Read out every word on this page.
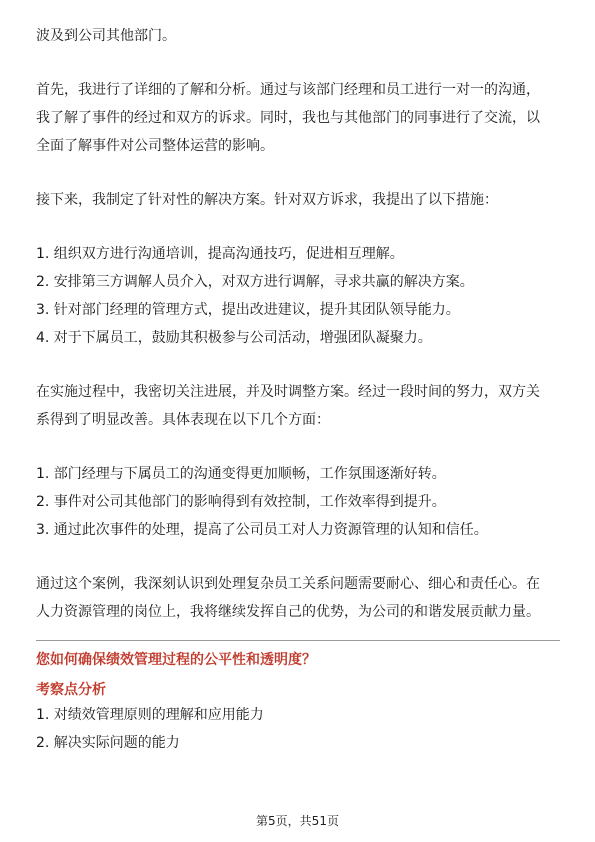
波及到公司其他部门。

首先，我进行了详细的了解和分析。通过与该部门经理和员工进行一对一的沟通，

我了解了事件的经过和双方的诉求。同时，我也与其他部门的同事进行了交流，以

全面了解事件对公司整体运营的影响。

接下来，我制定了针对性的解决方案。针对双方诉求，我提出了以下措施：

1. 组织双方进行沟通培训，提高沟通技巧，促进相互理解。

2. 安排第三方调解人员介入，对双方进行调解，寻求共赢的解决方案。

3. 针对部门经理的管理方式，提出改进建议，提升其团队领导能力。

4. 对于下属员工，鼓励其积极参与公司活动，增强团队凝聚力。

在实施过程中，我密切关注进展，并及时调整方案。经过一段时间的努力，双方关

系得到了明显改善。具体表现在以下几个方面：

1. 部门经理与下属员工的沟通变得更加顺畅，工作氛围逐渐好转。

2. 事件对公司其他部门的影响得到有效控制，工作效率得到提升。

3. 通过此次事件的处理，提高了公司员工对人力资源管理的认知和信任。

通过这个案例，我深刻认识到处理复杂员工关系问题需要耐心、细心和责任心。在

人力资源管理的岗位上，我将继续发挥自己的优势，为公司的和谐发展贡献力量。

您如何确保绩效管理过程的公平性和透明度？

考察点分析

1. 对绩效管理原则的理解和应用能力

2. 解决实际问题的能力

第5页，共51页
